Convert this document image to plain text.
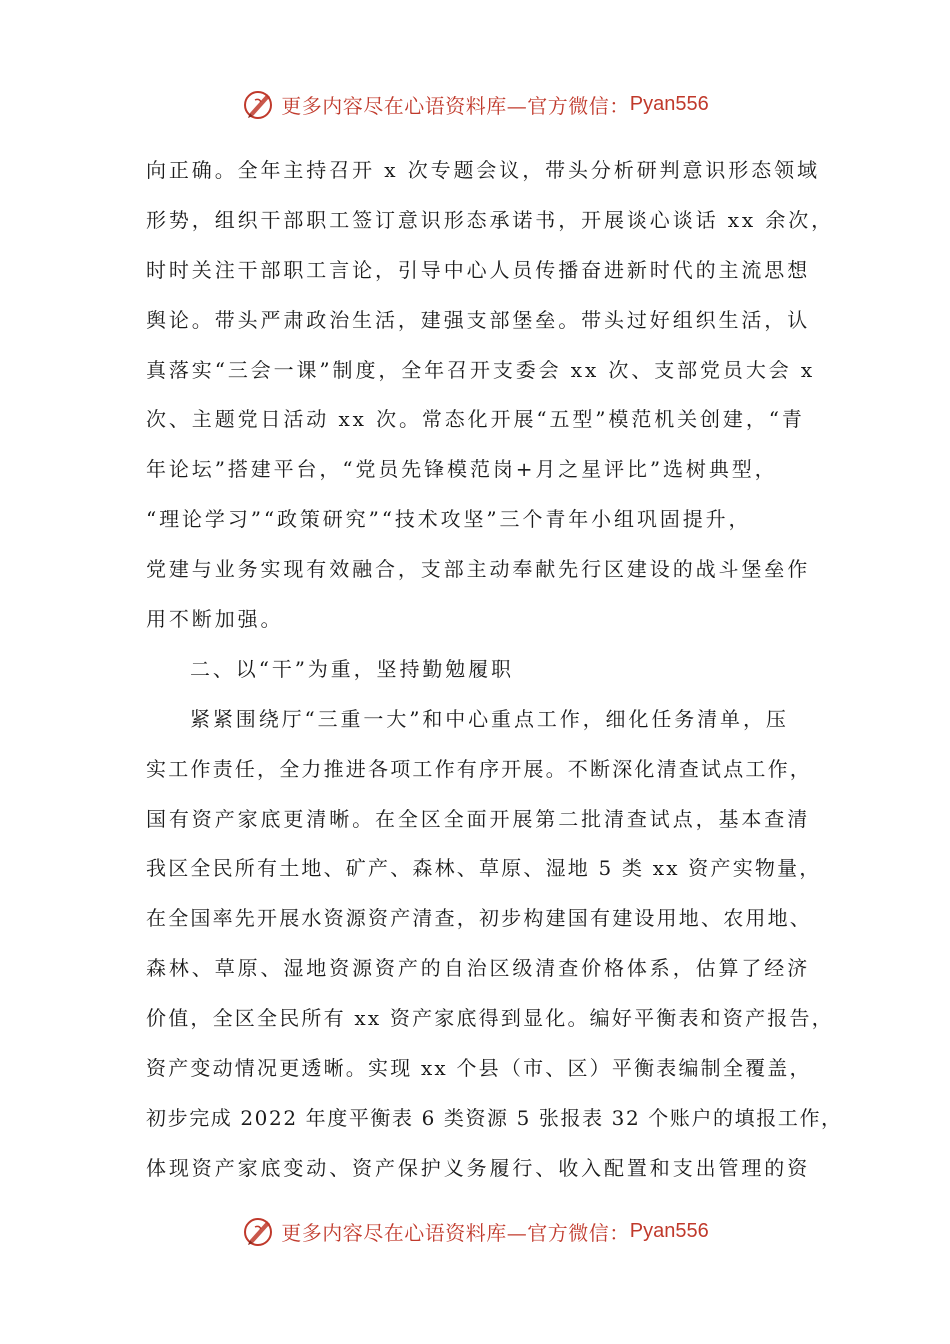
更多内容尽在心语资料库—官方微信： Pyan556
向正确。全年主持召开 x 次专题会议，带头分析研判意识形态领域
形势，组织干部职工签订意识形态承诺书，开展谈心谈话 xx 余次，
时时关注干部职工言论，引导中心人员传播奋进新时代的主流思想
舆论。带头严肃政治生活，建强支部堡垒。带头过好组织生活，认
真落实“三会一课”制度，全年召开支委会 xx 次、支部党员大会 x
次、主题党日活动 xx 次。常态化开展“五型”模范机关创建，“青
年论坛”搭建平台，“党员先锋模范岗+月之星评比”选树典型，
“理论学习”“政策研究”“技术攻坚”三个青年小组巩固提升，
党建与业务实现有效融合，支部主动奉献先行区建设的战斗堡垒作
用不断加强。
二、以“干”为重，坚持勤勉履职
紧紧围绕厅“三重一大”和中心重点工作，细化任务清单，压
实工作责任，全力推进各项工作有序开展。不断深化清查试点工作，
国有资产家底更清晰。在全区全面开展第二批清查试点，基本查清
我区全民所有土地、矿产、森林、草原、湿地 5 类 xx 资产实物量，
在全国率先开展水资源资产清查，初步构建国有建设用地、农用地、
森林、草原、湿地资源资产的自治区级清查价格体系，估算了经济
价值，全区全民所有 xx 资产家底得到显化。编好平衡表和资产报告，
资产变动情况更透晰。实现 xx 个县（市、区）平衡表编制全覆盖，
初步完成 2022 年度平衡表 6 类资源 5 张报表 32 个账户的填报工作，
体现资产家底变动、资产保护义务履行、收入配置和支出管理的资
更多内容尽在心语资料库—官方微信： Pyan556
